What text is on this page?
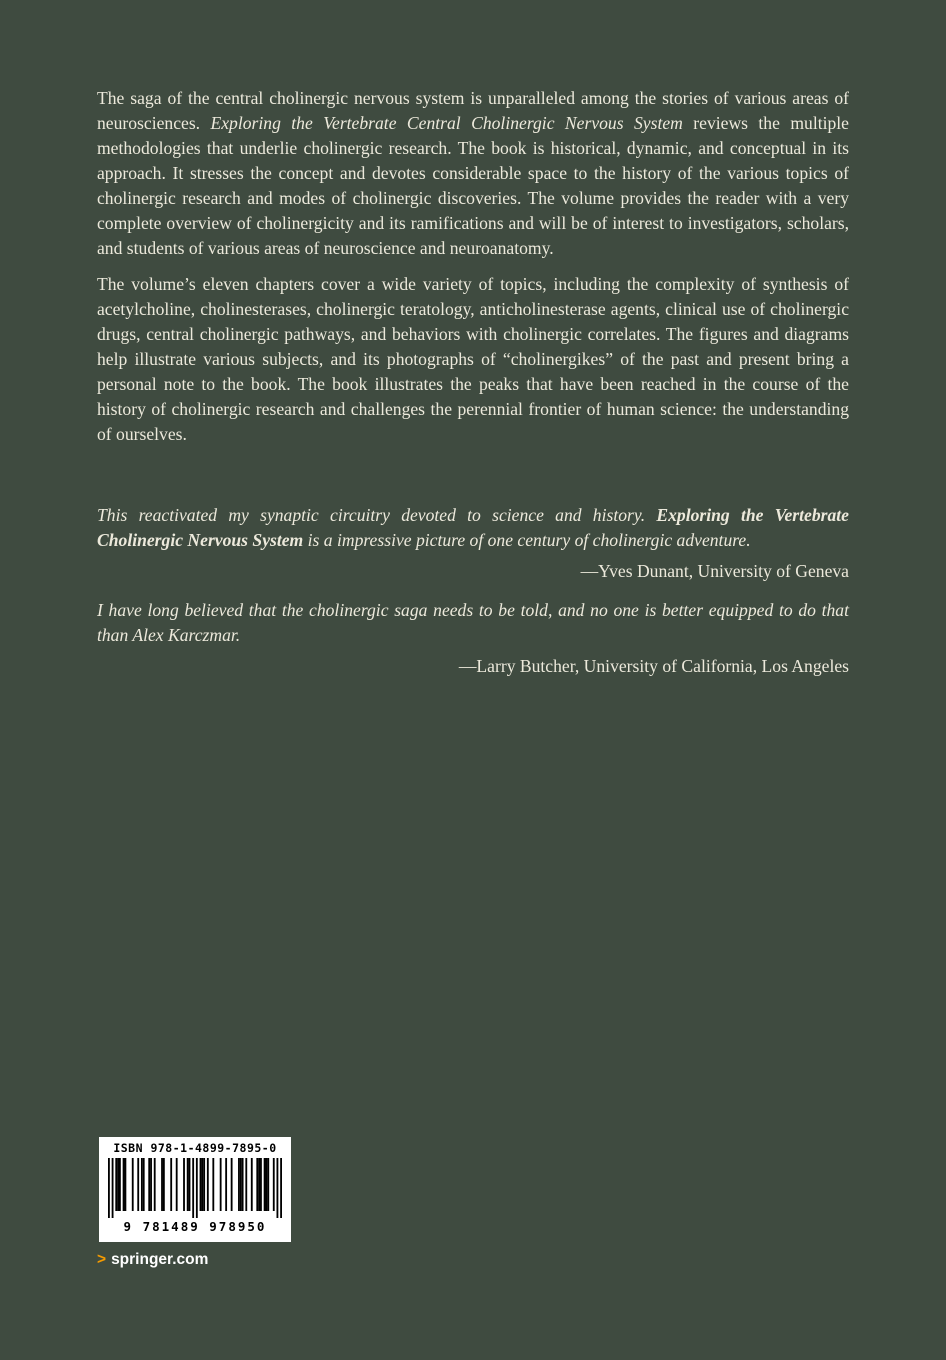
The saga of the central cholinergic nervous system is unparalleled among the stories of various areas of neurosciences. Exploring the Vertebrate Central Cholinergic Nervous System reviews the multiple methodologies that underlie cholinergic research. The book is historical, dynamic, and conceptual in its approach. It stresses the concept and devotes considerable space to the history of the various topics of cholinergic research and modes of cholinergic discoveries. The volume provides the reader with a very complete overview of cholinergicity and its ramifications and will be of interest to investigators, scholars, and students of various areas of neuroscience and neuroanatomy.

The volume’s eleven chapters cover a wide variety of topics, including the complexity of synthesis of acetylcholine, cholinesterases, cholinergic teratology, anticholinesterase agents, clinical use of cholinergic drugs, central cholinergic pathways, and behaviors with cholinergic correlates. The figures and diagrams help illustrate various subjects, and its photographs of “cholinergikes” of the past and present bring a personal note to the book. The book illustrates the peaks that have been reached in the course of the history of cholinergic research and challenges the perennial frontier of human science: the understanding of ourselves.

This reactivated my synaptic circuitry devoted to science and history. Exploring the Vertebrate Cholinergic Nervous System is a impressive picture of one century of cholinergic adventure.
—Yves Dunant, University of Geneva
I have long believed that the cholinergic saga needs to be told, and no one is better equipped to do that than Alex Karczmar.
—Larry Butcher, University of California, Los Angeles
ISBN 978-1-4899-7895-0
9 781489 978950
> springer.com
